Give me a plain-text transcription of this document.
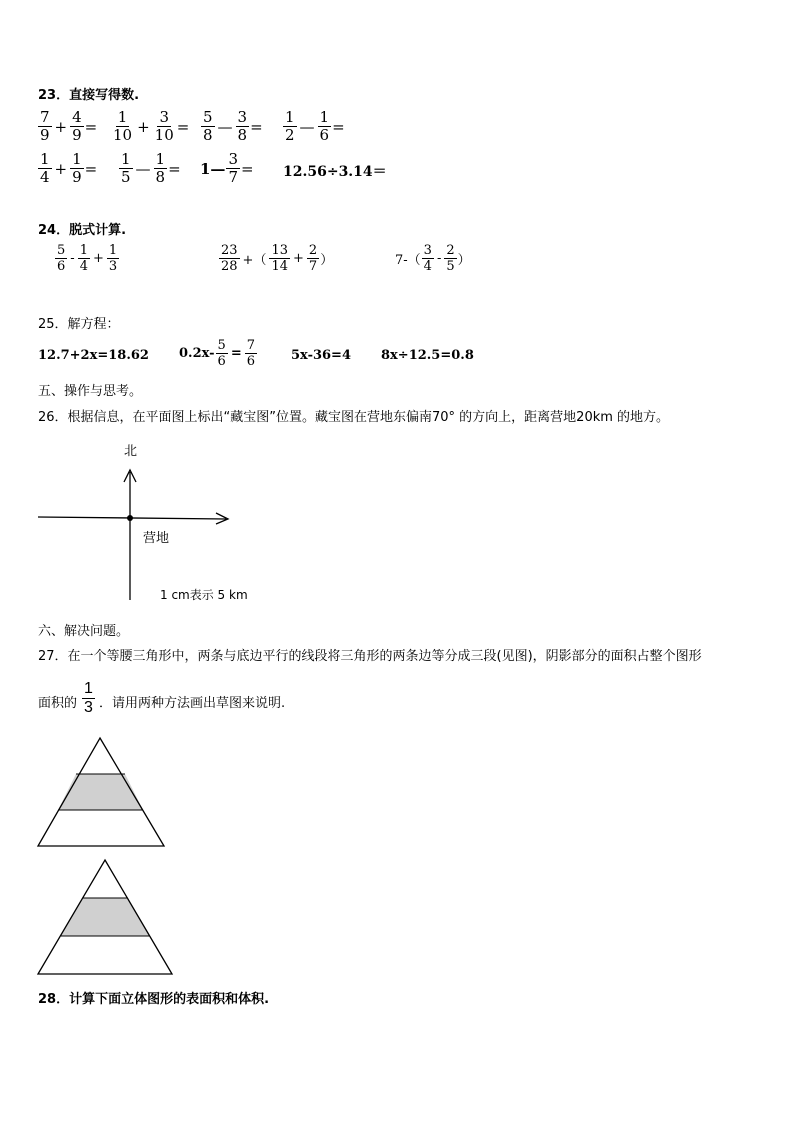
23．直接写得数.
$\frac{7}{9} + \frac{4}{9} = \frac{1}{10} + \frac{3}{10} = \frac{5}{8}$ — $\frac{3}{8} = \frac{1}{2}$ — $\frac{1}{6}$ =
$\frac{1}{4} + \frac{1}{9} = \frac{1}{5}$ — $\frac{1}{8}$ = 1— $\frac{3}{7} = 12.56\div 3.14=$
24．脱式计算.
$\frac{5}{6} - \frac{1}{4} + \frac{1}{3}$	$\frac{23}{28}$ +（ $\frac{13}{14} + \frac{2}{7}$ ）	$7-( \frac{3}{4} - \frac{2}{5}$ ）
25．解方程：
12.7+2x=18.62 $0.2x- \frac{5}{6} = \frac{7}{6}$	5x-36=4 8x÷12.5=0.8
五、操作与思考。
26．根据信息，在平面图上标出“藏宝图”位置。藏宝图在营地东偏南70° 的方向上，距离营地20km 的地方。
北
营地
1 cm表示 5 km
六、解决问题。
27．在一个等腰三角形中，两条与底边平行的线段将三角形的两条边等分成三段(见图)，阴影部分的面积占整个图形
面积的 $\frac{1}{3}$ ．请用两种方法画出草图来说明.
28．计算下面立体图形的表面积和体积.
